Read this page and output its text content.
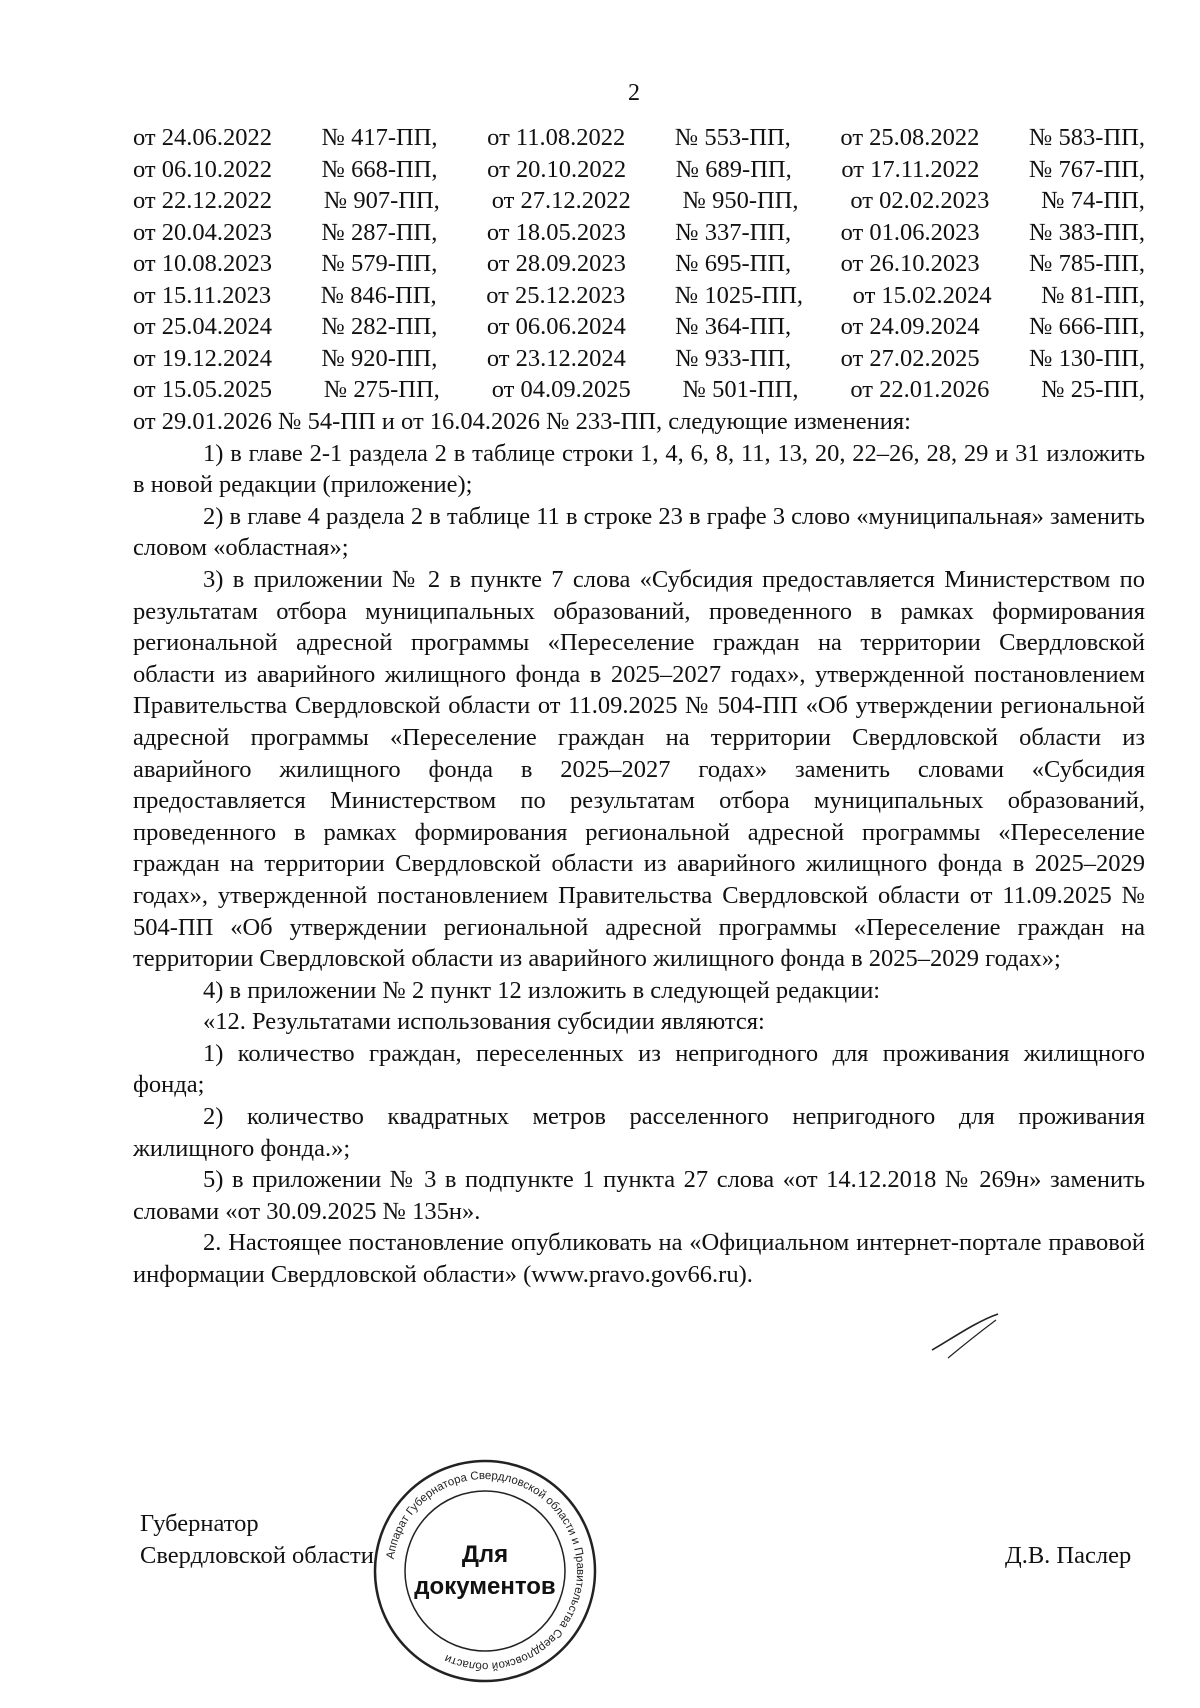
2
от 24.06.2022 № 417-ПП, от 11.08.2022 № 553-ПП, от 25.08.2022 № 583-ПП,
от 06.10.2022 № 668-ПП, от 20.10.2022 № 689-ПП, от 17.11.2022 № 767-ПП,
от 22.12.2022 № 907-ПП, от 27.12.2022 № 950-ПП, от 02.02.2023 № 74-ПП,
от 20.04.2023 № 287-ПП, от 18.05.2023 № 337-ПП, от 01.06.2023 № 383-ПП,
от 10.08.2023 № 579-ПП, от 28.09.2023 № 695-ПП, от 26.10.2023 № 785-ПП,
от 15.11.2023 № 846-ПП, от 25.12.2023 № 1025-ПП, от 15.02.2024 № 81-ПП,
от 25.04.2024 № 282-ПП, от 06.06.2024 № 364-ПП, от 24.09.2024 № 666-ПП,
от 19.12.2024 № 920-ПП, от 23.12.2024 № 933-ПП, от 27.02.2025 № 130-ПП,
от 15.05.2025 № 275-ПП, от 04.09.2025 № 501-ПП, от 22.01.2026 № 25-ПП,

от 29.01.2026 № 54-ПП и от 16.04.2026 № 233-ПП, следующие изменения:

1) в главе 2-1 раздела 2 в таблице строки 1, 4, 6, 8, 11, 13, 20, 22–26, 28, 29 и 31 изложить в новой редакции (приложение);

2) в главе 4 раздела 2 в таблице 11 в строке 23 в графе 3 слово «муниципальная» заменить словом «областная»;

3) в приложении № 2 в пункте 7 слова «Субсидия предоставляется Министерством по результатам отбора муниципальных образований, проведенного в рамках формирования региональной адресной программы «Переселение граждан на территории Свердловской области из аварийного жилищного фонда в 2025–2027 годах», утвержденной постановлением Правительства Свердловской области от 11.09.2025 № 504-ПП «Об утверждении региональной адресной программы «Переселение граждан на территории Свердловской области из аварийного жилищного фонда в 2025–2027 годах» заменить словами «Субсидия предоставляется Министерством по результатам отбора муниципальных образований, проведенного в рамках формирования региональной адресной программы «Переселение граждан на территории Свердловской области из аварийного жилищного фонда в 2025–2029 годах», утвержденной постановлением Правительства Свердловской области от 11.09.2025 № 504-ПП «Об утверждении региональной адресной программы «Переселение граждан на территории Свердловской области из аварийного жилищного фонда в 2025–2029 годах»;

4) в приложении № 2 пункт 12 изложить в следующей редакции:

«12. Результатами использования субсидии являются:

1) количество граждан, переселенных из непригодного для проживания жилищного фонда;

2) количество квадратных метров расселенного непригодного для проживания жилищного фонда.»;

5) в приложении № 3 в подпункте 1 пункта 27 слова «от 14.12.2018 № 269н» заменить словами «от 30.09.2025 № 135н».

2. Настоящее постановление опубликовать на «Официальном интернет-портале правовой информации Свердловской области» (www.pravo.gov66.ru).

Губернатор
Свердловской области	Д.В. Паслер
Аппарат Губернатора Свердловской области и Правительства Свердловской области
Для
документов
